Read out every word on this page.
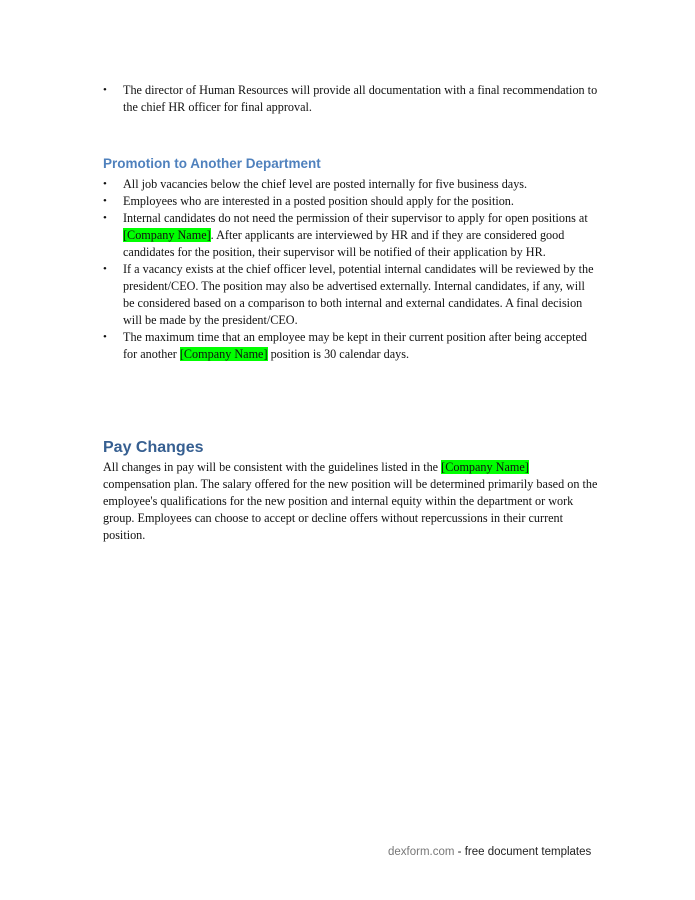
• The director of Human Resources will provide all documentation with a final recommendation to the chief HR officer for final approval.
Promotion to Another Department
• All job vacancies below the chief level are posted internally for five business days.
• Employees who are interested in a posted position should apply for the position.
• Internal candidates do not need the permission of their supervisor to apply for open positions at [Company Name]. After applicants are interviewed by HR and if they are considered good candidates for the position, their supervisor will be notified of their application by HR.
• If a vacancy exists at the chief officer level, potential internal candidates will be reviewed by the president/CEO. The position may also be advertised externally. Internal candidates, if any, will be considered based on a comparison to both internal and external candidates. A final decision will be made by the president/CEO.
• The maximum time that an employee may be kept in their current position after being accepted for another [Company Name] position is 30 calendar days.
Pay Changes
All changes in pay will be consistent with the guidelines listed in the [Company Name] compensation plan. The salary offered for the new position will be determined primarily based on the employee's qualifications for the new position and internal equity within the department or work group. Employees can choose to accept or decline offers without repercussions in their current position.
dexform.com - free document templates
